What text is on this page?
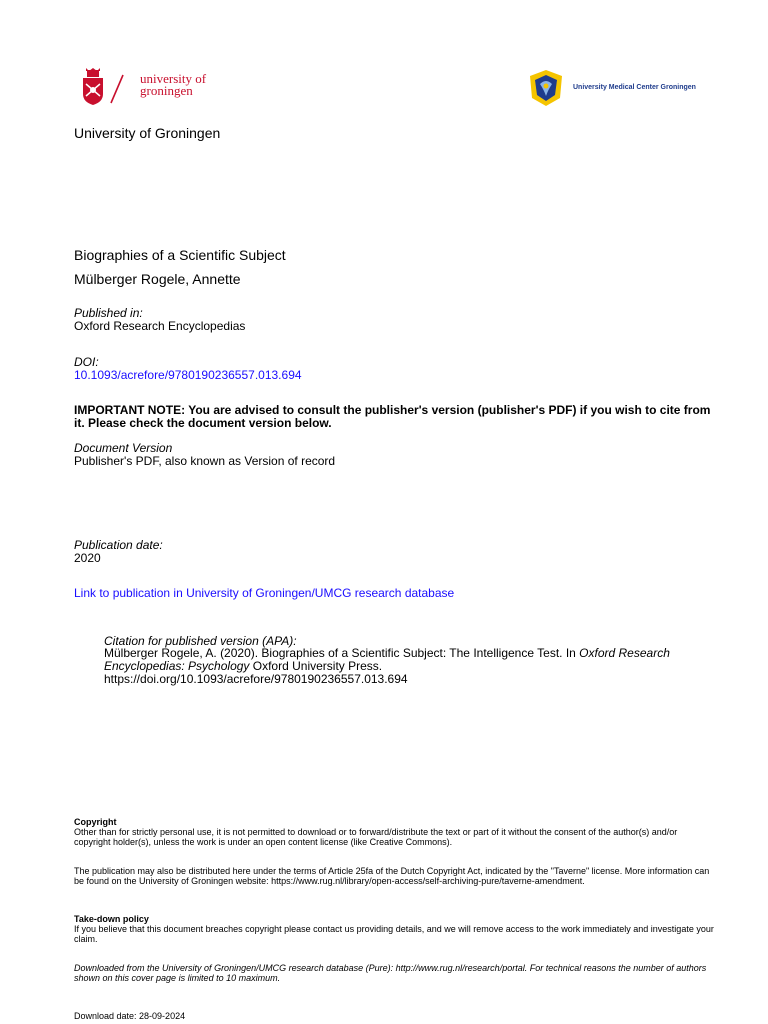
university of
groningen	University Medical Center Groningen
University of Groningen
Biographies of a Scientific Subject
Mülberger Rogele, Annette
Published in:
Oxford Research Encyclopedias
DOI:
10.1093/acrefore/9780190236557.013.694
IMPORTANT NOTE: You are advised to consult the publisher's version (publisher's PDF) if you wish to cite from it. Please check the document version below.
Document Version
Publisher's PDF, also known as Version of record
Publication date:
2020
Link to publication in University of Groningen/UMCG research database
Citation for published version (APA):
Mülberger Rogele, A. (2020). Biographies of a Scientific Subject: The Intelligence Test. In Oxford Research Encyclopedias: Psychology Oxford University Press.
https://doi.org/10.1093/acrefore/9780190236557.013.694
Copyright
Other than for strictly personal use, it is not permitted to download or to forward/distribute the text or part of it without the consent of the author(s) and/or copyright holder(s), unless the work is under an open content license (like Creative Commons).
The publication may also be distributed here under the terms of Article 25fa of the Dutch Copyright Act, indicated by the "Taverne" license. More information can be found on the University of Groningen website: https://www.rug.nl/library/open-access/self-archiving-pure/taverne-amendment.
Take-down policy
If you believe that this document breaches copyright please contact us providing details, and we will remove access to the work immediately and investigate your claim.
Downloaded from the University of Groningen/UMCG research database (Pure): http://www.rug.nl/research/portal. For technical reasons the number of authors shown on this cover page is limited to 10 maximum.
Download date: 28-09-2024
